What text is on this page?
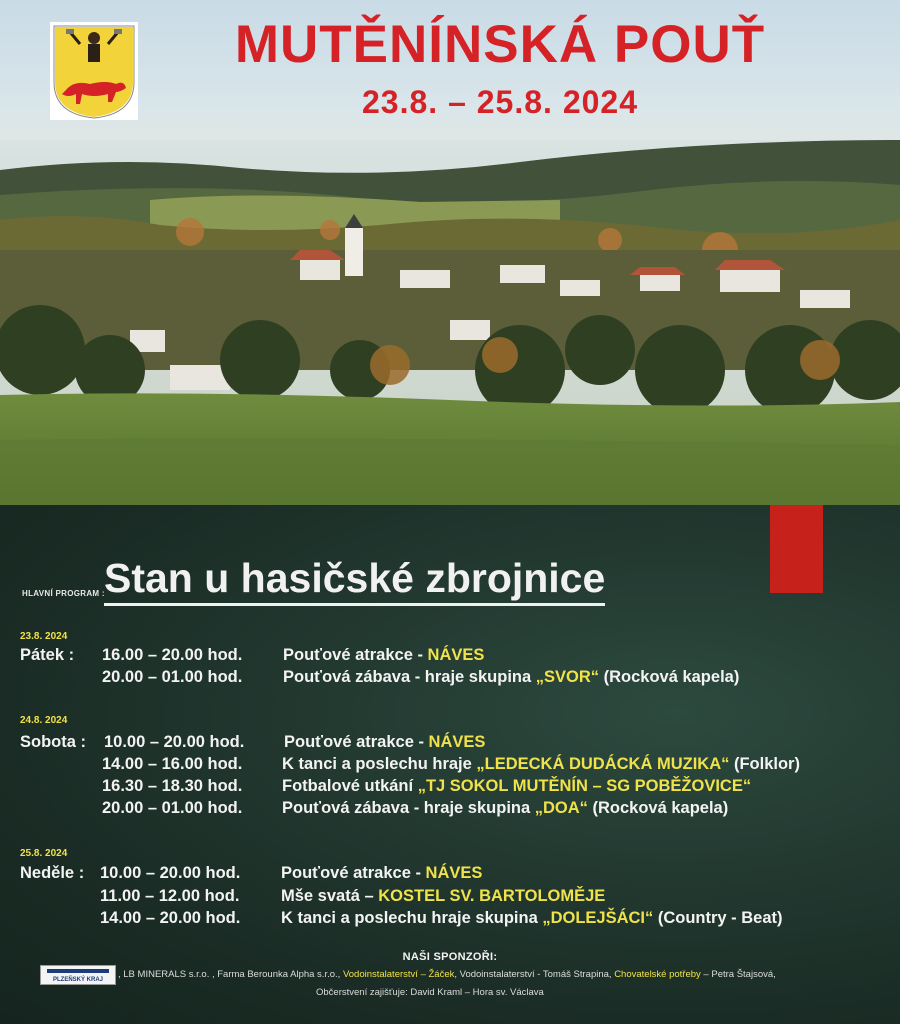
MUTĚNÍNSKÁ POUŤ
23.8. – 25.8. 2024
HLAVNÍ PROGRAM : Stan u hasičské zbrojnice
23.8. 2024
Pátek : 16.00 – 20.00 hod. Pouťové atrakce - NÁVES
20.00 – 01.00 hod. Pouťová zábava - hraje skupina „SVOR“ (Rocková kapela)
24.8. 2024
Sobota : 10.00 – 20.00 hod. Pouťové atrakce - NÁVES
14.00 – 16.00 hod. K tanci a poslechu hraje „LEDECKÁ DUDÁCKÁ MUZIKA“ (Folklor)
16.30 – 18.30 hod. Fotbalové utkání „TJ SOKOL MUTĚNÍN – SG POBĚŽOVICE“
20.00 – 01.00 hod. Pouťová zábava - hraje skupina „DOA“ (Rocková kapela)
25.8. 2024
Neděle : 10.00 – 20.00 hod. Pouťové atrakce - NÁVES
11.00 – 12.00 hod.	Mše svatá – KOSTEL SV. BARTOLOMĚJE
14.00 – 20.00 hod. K tanci a poslechu hraje skupina „DOLEJŠÁCI“ (Country - Beat)
NAŠI SPONZOŘI:
PLZEŇSKÝ KRAJ	, LB MINERALS s.r.o. , Farma Berounka Alpha s.r.o., Vodoinstalaterství – Žáček, Vodoinstalaterství - Tomáš Strapina, Chovatelské potřeby – Petra Štajsová,
Občerstvení zajišťuje: David Kraml – Hora sv. Václava
